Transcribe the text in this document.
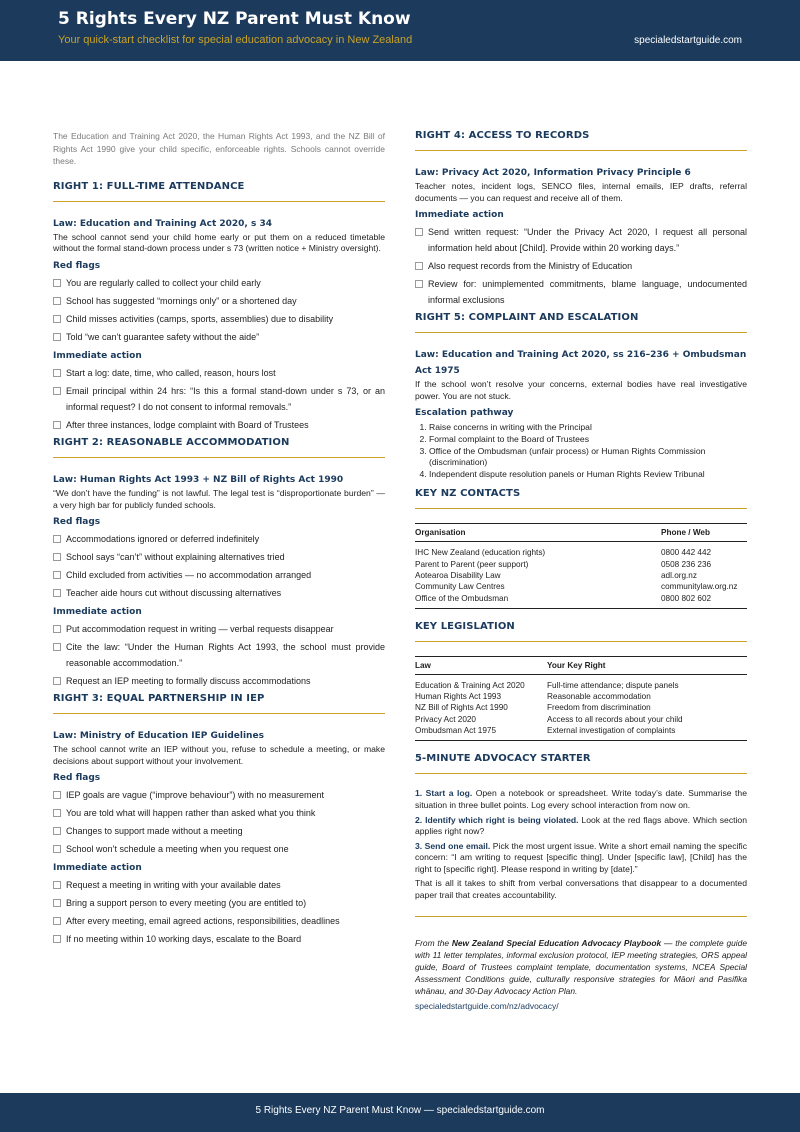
5 Rights Every NZ Parent Must Know
Your quick-start checklist for special education advocacy in New Zealand	specialedstartguide.com

The Education and Training Act 2020, the Human Rights Act 1993, and the NZ Bill of Rights Act 1990 give your child specific, enforceable rights. Schools cannot override these.

RIGHT 1: FULL-TIME ATTENDANCE
Law: Education and Training Act 2020, s 34

The school cannot send your child home early or put them on a reduced timetable without the formal stand-down process under s 73 (written notice + Ministry oversight).

Red flags
You are regularly called to collect your child early
School has suggested “mornings only” or a shortened day
Child misses activities (camps, sports, assemblies) due to disability
Told “we can’t guarantee safety without the aide”
Immediate action
Start a log: date, time, who called, reason, hours lost
Email principal within 24 hrs: “Is this a formal stand-down under s 73, or an informal request? I do not consent to informal removals.”
After three instances, lodge complaint with Board of Trustees
RIGHT 2: REASONABLE ACCOMMODATION
Law: Human Rights Act 1993 + NZ Bill of Rights Act 1990

“We don’t have the funding” is not lawful. The legal test is “disproportionate burden” — a very high bar for publicly funded schools.

Red flags
Accommodations ignored or deferred indefinitely
School says “can’t” without explaining alternatives tried
Child excluded from activities — no accommodation arranged
Teacher aide hours cut without discussing alternatives
Immediate action
Put accommodation request in writing — verbal requests disappear
Cite the law: “Under the Human Rights Act 1993, the school must provide reasonable accommodation.”
Request an IEP meeting to formally discuss accommodations
RIGHT 3: EQUAL PARTNERSHIP IN IEP
Law: Ministry of Education IEP Guidelines

The school cannot write an IEP without you, refuse to schedule a meeting, or make decisions about support without your involvement.

Red flags
IEP goals are vague (“improve behaviour”) with no measurement
You are told what will happen rather than asked what you think
Changes to support made without a meeting
School won’t schedule a meeting when you request one
Immediate action
Request a meeting in writing with your available dates
Bring a support person to every meeting (you are entitled to)
After every meeting, email agreed actions, responsibilities, deadlines
If no meeting within 10 working days, escalate to the Board
RIGHT 4: ACCESS TO RECORDS
Law: Privacy Act 2020, Information Privacy Principle 6

Teacher notes, incident logs, SENCO files, internal emails, IEP drafts, referral documents — you can request and receive all of them.

Immediate action
Send written request: “Under the Privacy Act 2020, I request all personal information held about [Child]. Provide within 20 working days.”
Also request records from the Ministry of Education
Review for: unimplemented commitments, blame language, undocumented informal exclusions
RIGHT 5: COMPLAINT AND ESCALATION
Law: Education and Training Act 2020, ss 216–236 + Ombudsman Act 1975

If the school won’t resolve your concerns, external bodies have real investigative power. You are not stuck.

Escalation pathway
1. Raise concerns in writing with the Principal
2. Formal complaint to the Board of Trustees
3. Office of the Ombudsman (unfair process) or Human Rights Commission (discrimination)
4. Independent dispute resolution panels or Human Rights Review Tribunal
KEY NZ CONTACTS
Organisation	Phone / Web
IHC New Zealand (education rights)	0800 442 442
Parent to Parent (peer support)	0508 236 236
Aotearoa Disability Law	adl.org.nz
Community Law Centres	communitylaw.org.nz
Office of the Ombudsman	0800 802 602
KEY LEGISLATION
Law	Your Key Right
Education & Training Act 2020	Full-time attendance; dispute panels
Human Rights Act 1993	Reasonable accommodation
NZ Bill of Rights Act 1990	Freedom from discrimination
Privacy Act 2020	Access to all records about your child
Ombudsman Act 1975	External investigation of complaints
5-MINUTE ADVOCACY STARTER

1. Start a log. Open a notebook or spreadsheet. Write today’s date. Summarise the situation in three bullet points. Log every school interaction from now on.

2. Identify which right is being violated. Look at the red flags above. Which section applies right now?

3. Send one email. Pick the most urgent issue. Write a short email naming the specific concern: “I am writing to request [specific thing]. Under [specific law], [Child] has the right to [specific right]. Please respond in writing by [date].”

That is all it takes to shift from verbal conversations that disappear to a documented paper trail that creates accountability.

From the New Zealand Special Education Advocacy Playbook — the complete guide with 11 letter templates, informal exclusion protocol, IEP meeting strategies, ORS appeal guide, Board of Trustees complaint template, documentation systems, NCEA Special Assessment Conditions guide, culturally responsive strategies for Māori and Pasifika whānau, and 30-Day Advocacy Action Plan.

specialedstartguide.com/nz/advocacy/
5 Rights Every NZ Parent Must Know — specialedstartguide.com
